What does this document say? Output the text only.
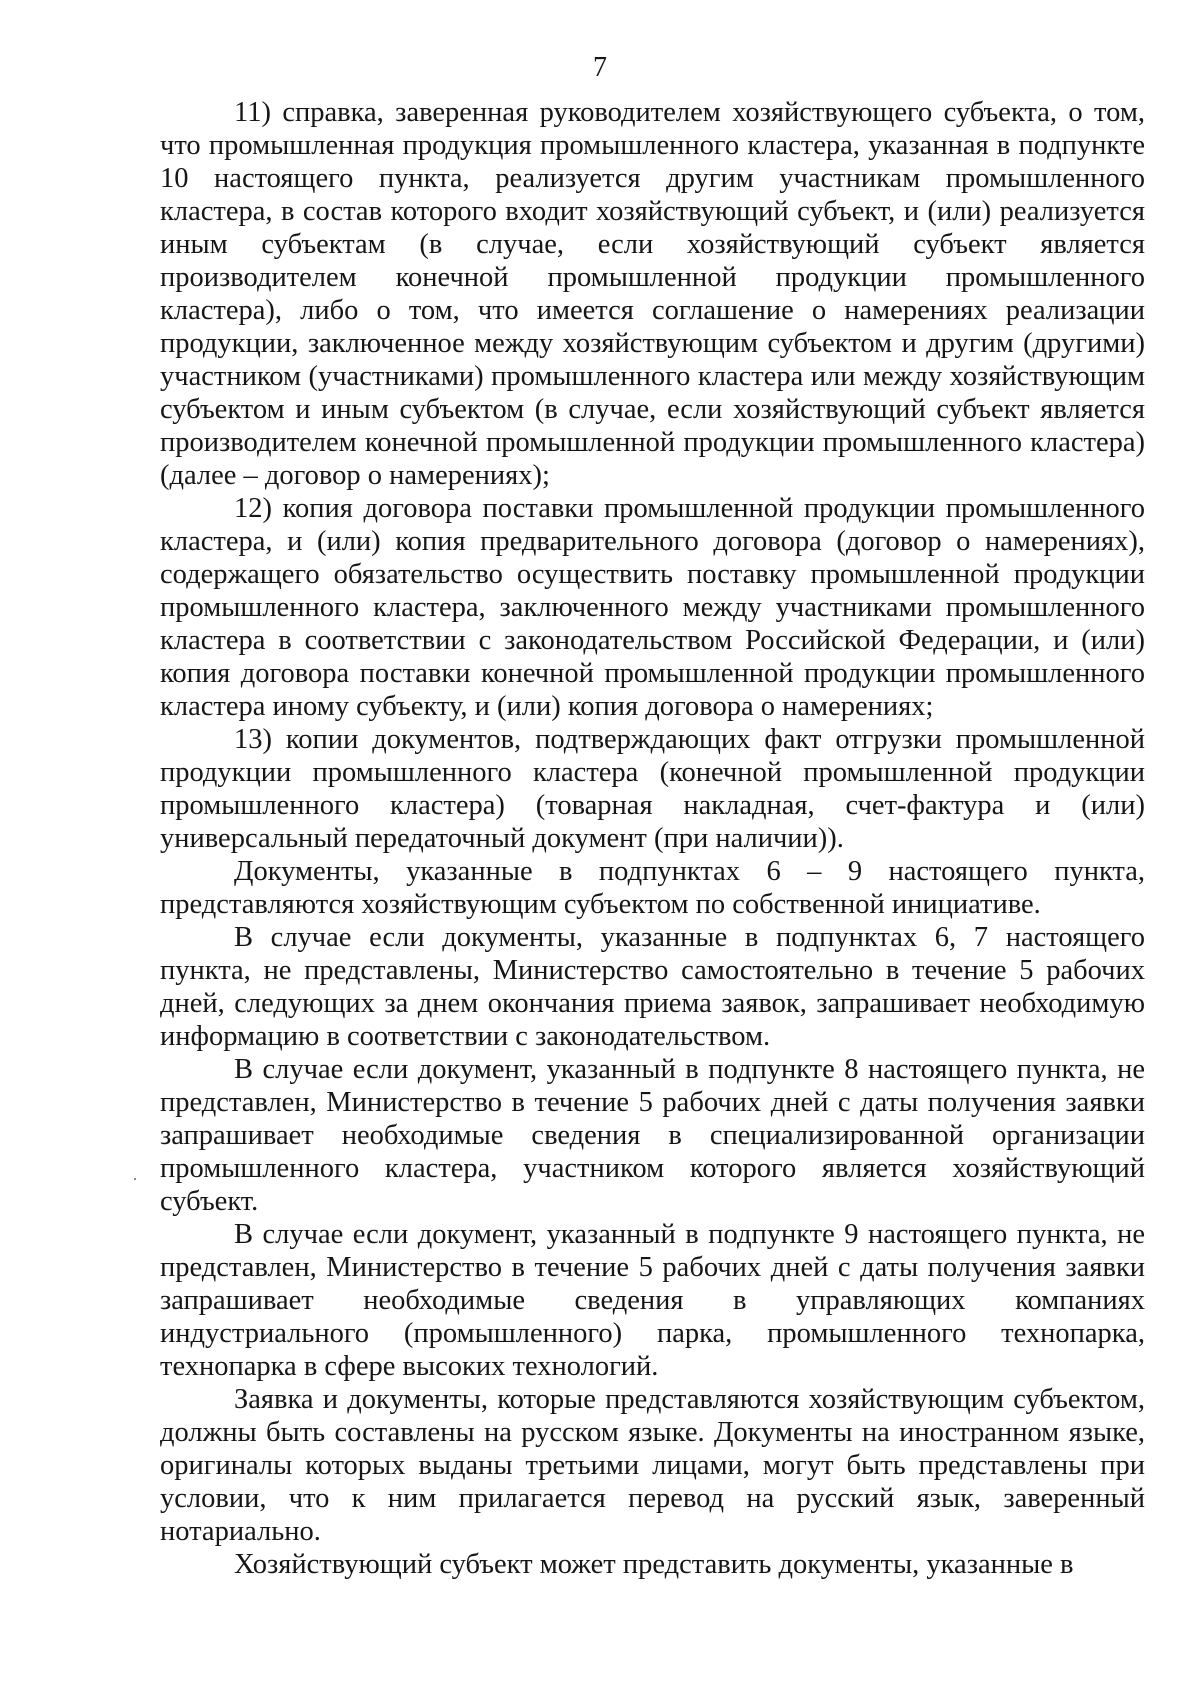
7

11) справка, заверенная руководителем хозяйствующего субъекта, о том, что промышленная продукция промышленного кластера, указанная в подпункте 10 настоящего пункта, реализуется другим участникам промышленного кластера, в состав которого входит хозяйствующий субъект, и (или) реализуется иным субъектам (в случае, если хозяйствующий субъект является производителем конечной промышленной продукции промышленного кластера), либо о том, что имеется соглашение о намерениях реализации продукции, заключенное между хозяйствующим субъектом и другим (другими) участником (участниками) промышленного кластера или между хозяйствующим субъектом и иным субъектом (в случае, если хозяйствующий субъект является производителем конечной промышленной продукции промышленного кластера) (далее – договор о намерениях);

12) копия договора поставки промышленной продукции промышленного кластера, и (или) копия предварительного договора (договор о намерениях), содержащего обязательство осуществить поставку промышленной продукции промышленного кластера, заключенного между участниками промышленного кластера в соответствии с законодательством Российской Федерации, и (или) копия договора поставки конечной промышленной продукции промышленного кластера иному субъекту, и (или) копия договора о намерениях;

13) копии документов, подтверждающих факт отгрузки промышленной продукции промышленного кластера (конечной промышленной продукции промышленного кластера) (товарная накладная, счет-фактура и (или) универсальный передаточный документ (при наличии)).

Документы, указанные в подпунктах 6 – 9 настоящего пункта, представляются хозяйствующим субъектом по собственной инициативе.

В случае если документы, указанные в подпунктах 6, 7 настоящего пункта, не представлены, Министерство самостоятельно в течение 5 рабочих дней, следующих за днем окончания приема заявок, запрашивает необходимую информацию в соответствии с законодательством.

В случае если документ, указанный в подпункте 8 настоящего пункта, не представлен, Министерство в течение 5 рабочих дней с даты получения заявки запрашивает необходимые сведения в специализированной организации промышленного кластера, участником которого является хозяйствующий субъект.

В случае если документ, указанный в подпункте 9 настоящего пункта, не представлен, Министерство в течение 5 рабочих дней с даты получения заявки запрашивает необходимые сведения в управляющих компаниях индустриального (промышленного) парка, промышленного технопарка, технопарка в сфере высоких технологий.

Заявка и документы, которые представляются хозяйствующим субъектом, должны быть составлены на русском языке. Документы на иностранном языке, оригиналы которых выданы третьими лицами, могут быть представлены при условии, что к ним прилагается перевод на русский язык, заверенный нотариально.

Хозяйствующий субъект может представить документы, указанные в
